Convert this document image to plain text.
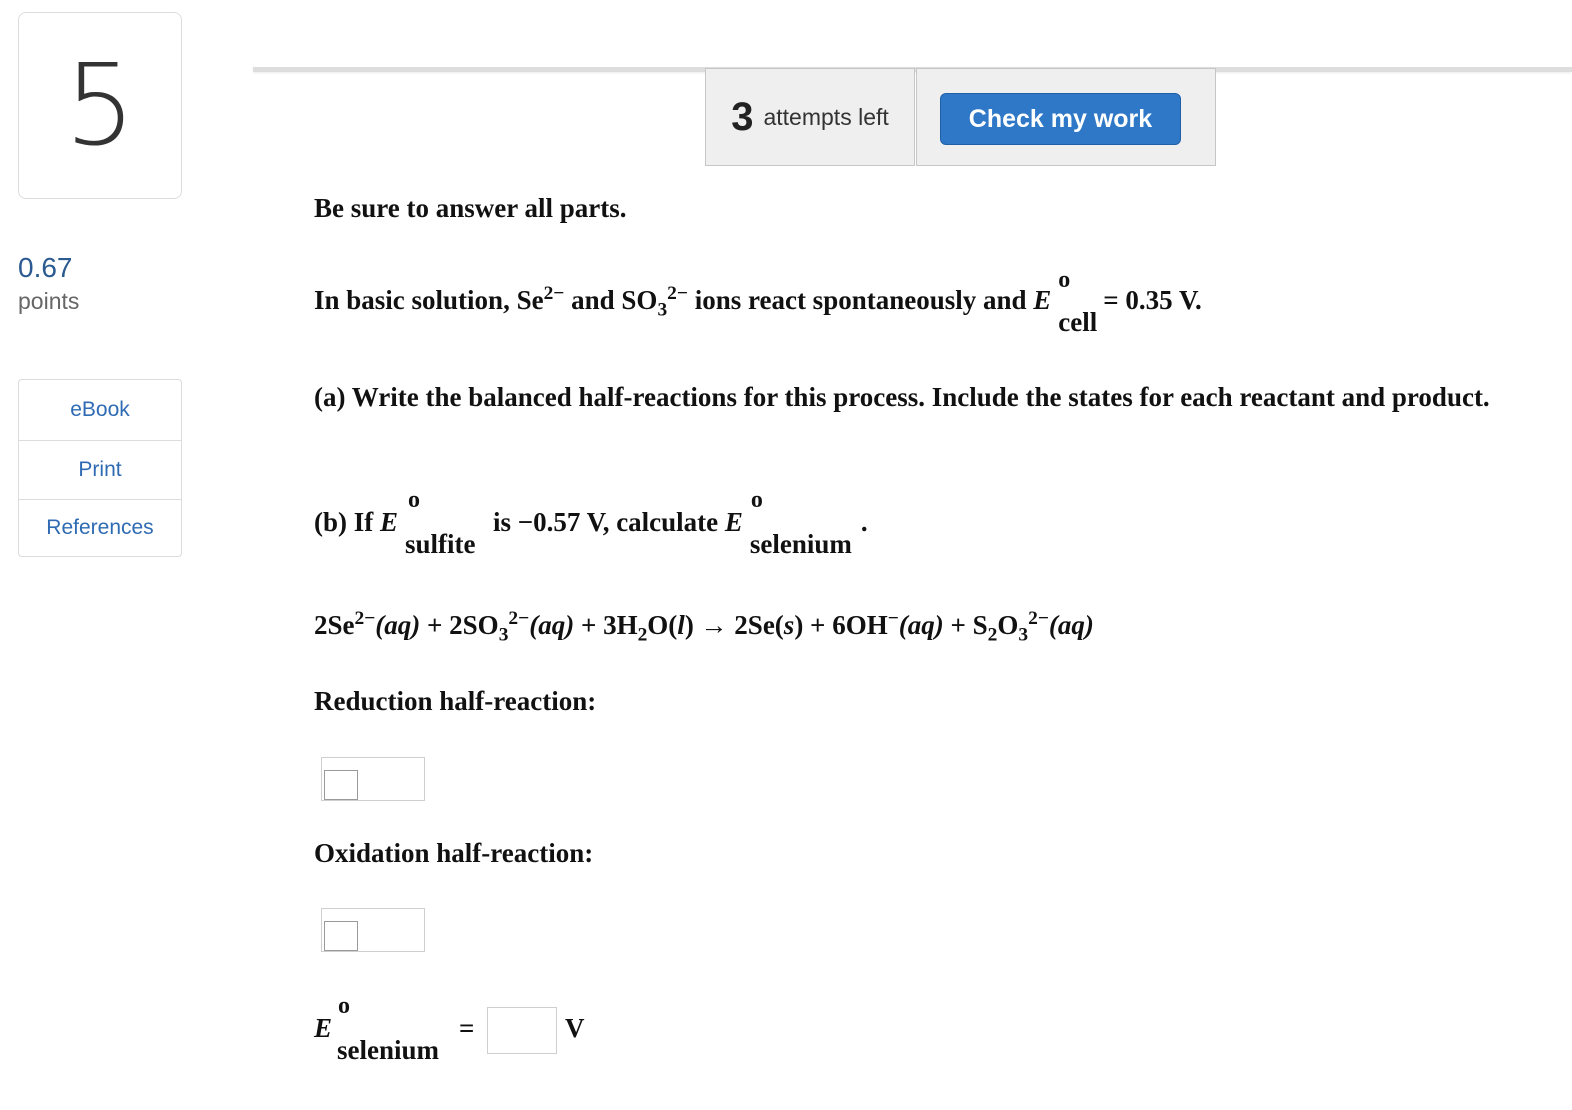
5
0.67
points
eBook
Print
References
3 attempts left	Check my work
Be sure to answer all parts.
In basic solution, $Se^{2-}$ and $SO_3^{2-}$ ions react spontaneously and E
o
cell
= 0.35 V.
(a) Write the balanced half-reactions for this process. Include the states for each reactant and product.
(b) If E
o
sulfite
is −0.57 V, calculate E
o
selenium
.
$2Se^{2-}(aq) + 2SO_3^{2-}(aq) + 3H_2O(l) \to 2Se(s) + 6OH^-(aq) + S_2O_3^{2-}(aq)$
Reduction half-reaction:
Oxidation half-reaction:
E
o
selenium
=	V
